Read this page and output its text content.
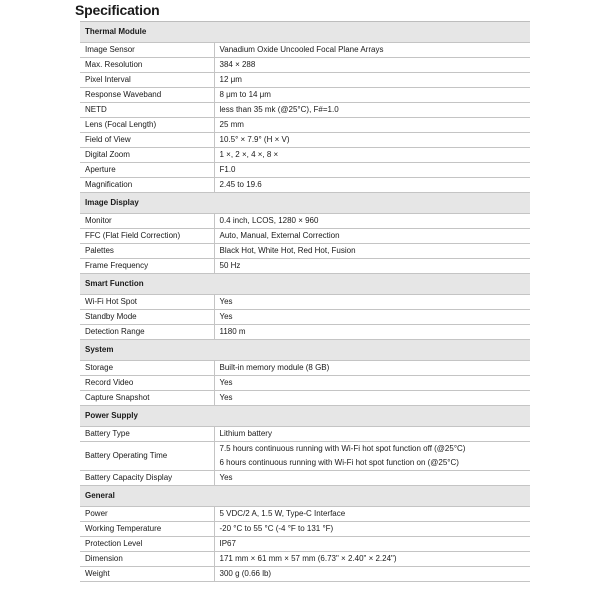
Specification
Thermal Module	
Image Sensor	Vanadium Oxide Uncooled Focal Plane Arrays
Max. Resolution	384 × 288
Pixel Interval	12 μm
Response Waveband	8 μm to 14 μm
NETD	less than 35 mk (@25°C), F#=1.0
Lens (Focal Length)	25 mm
Field of View	10.5° × 7.9° (H × V)
Digital Zoom	1 ×, 2 ×, 4 ×, 8 ×
Aperture	F1.0
Magnification	2.45 to 19.6
Image Display	
Monitor	0.4 inch, LCOS, 1280 × 960
FFC (Flat Field Correction)	Auto, Manual, External Correction
Palettes	Black Hot, White Hot, Red Hot, Fusion
Frame Frequency	50 Hz
Smart Function	
Wi-Fi Hot Spot	Yes
Standby Mode	Yes
Detection Range	1180 m
System	
Storage	Built-in memory module (8 GB)
Record Video	Yes
Capture Snapshot	Yes
Power Supply	
Battery Type	Lithium battery
Battery Operating Time	7.5 hours continuous running with Wi-Fi hot spot function off (@25°C)
6 hours continuous running with Wi-Fi hot spot function on (@25°C)

Battery Capacity Display	Yes
General	
Power	5 VDC/2 A, 1.5 W, Type-C Interface
Working Temperature	-20 °C to 55 °C (-4 °F to 131 °F)
Protection Level	IP67
Dimension	171 mm × 61 mm × 57 mm (6.73" × 2.40" × 2.24")
Weight	300 g (0.66 lb)
